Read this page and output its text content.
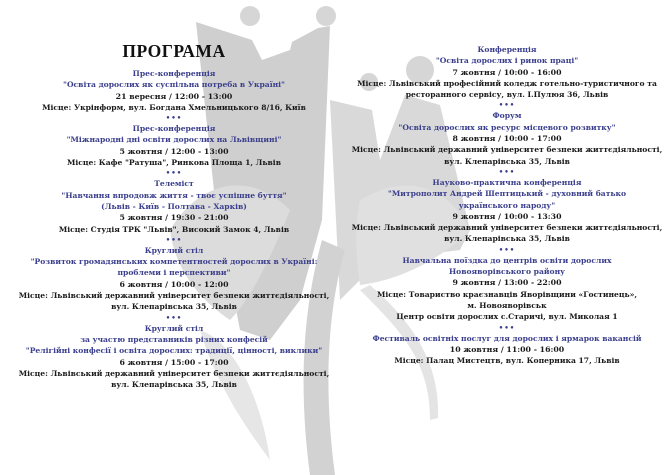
ПРОГРАМА

Прес-конференція

"Освіта дорослих як суспільна потреба в Україні"

21 вересня / 12:00 - 13:00

Місце: Укрінформ, вул. Богдана Хмельницького 8/16, Київ

•••

Прес-конференція

"Міжнародні дні освіти дорослих на Львівщині"

5 жовтня / 12:00 - 13:00

Місце: Кафе "Ратуша", Ринкова Площа 1, Львів

•••

Телеміст

"Навчання впродовж життя - твоє успішне буття"

(Львів - Київ - Полтава - Харків)

5 жовтня / 19:30 - 21:00

Місце: Студія ТРК "Львів", Високий Замок 4, Львів

•••

Круглий стіл

"Розвиток громадянських компетентностей дорослих в Україні:

проблеми і перспективи"

6 жовтня / 10:00 - 12:00

Місце: Львівський державний університет безпеки життєдіяльності,

вул. Клепарівська 35, Львів

•••

Круглий стіл

за участю представників різних конфесій

"Релігійні конфесії і освіта дорослих: традиції, цінності, виклики"

6 жовтня / 15:00 - 17:00

Місце: Львівський державний університет безпеки життєдіяльності,

вул. Клепарівська 35, Львів

Конференція

"Освіта дорослих і ринок праці"

7 жовтня / 10:00 - 16:00

Місце: Львівський професійний коледж готельно-туристичного та

ресторанного сервісу, вул. І.Пулюя 36, Львів

•••

Форум

"Освіта дорослих як ресурс місцевого розвитку"

8 жовтня / 10:00 - 17:00

Місце: Львівський державний університет безпеки життєдіяльності,

вул. Клепарівська 35, Львів

•••

Науково-практична конференція

"Митрополит Андрей Шептицький - духовний батько

українського народу"

9 жовтня / 10:00 - 13:30

Місце: Львівський державний університет безпеки життєдіяльності,

вул. Клепарівська 35, Львів

•••

Навчальна поїздка до центрів освіти дорослих

Новояворівського району

9 жовтня / 13:00 - 22:00

Місце: Товариство краєзнавців Яворівщини «Гостинець»,

м. Новояворівськ

Центр освіти дорослих с.Старичі, вул. Миколая 1

•••

Фестиваль освітніх послуг для дорослих і ярмарок вакансій

10 жовтня / 11:00 - 16:00

Місце: Палац Мистецтв, вул. Коперника 17, Львів
